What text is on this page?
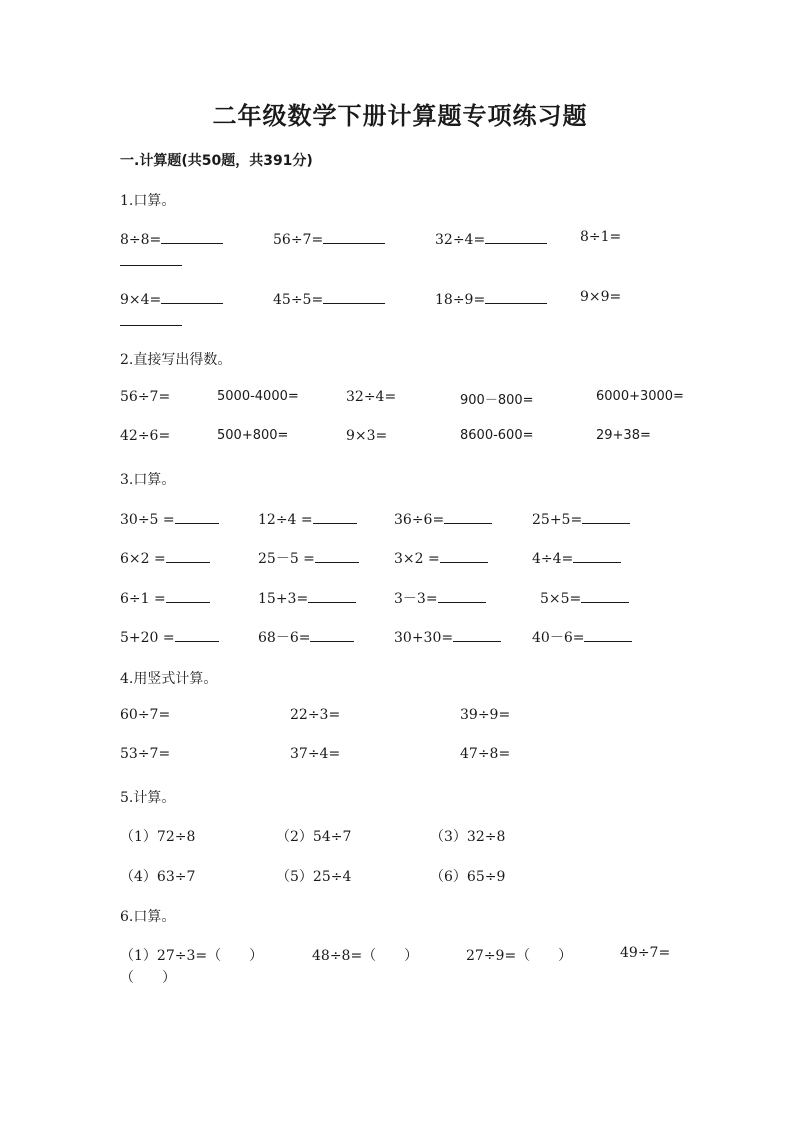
二年级数学下册计算题专项练习题
一.计算题(共50题，共391分)
1.口算。
8÷8=	56÷7=	32÷4=	8÷1=
9×4=	45÷5=	18÷9=	9×9=
2.直接写出得数。
56÷7=	5000-4000=	32÷4=	900－800=	6000+3000=
42÷6=	500+800=	9×3=	8600-600=	29+38=
3.口算。
30÷5 =	12÷4 =	36÷6=	25+5=
6×2 =	25－5 =	3×2 =	4÷4=
6÷1 =	15+3=	3－3=	5×5=
5+20 =	68－6=	30+30=	40－6=
4.用竖式计算。
60÷7=	22÷3=	39÷9=
53÷7=	37÷4=	47÷8=
5.计算。
（1）72÷8	（2）54÷7	（3）32÷8
（4）63÷7	（5）25÷4	（6）65÷9
6.口算。
（1）27÷3=（　　）	48÷8=（　　）	27÷9=（　　）	49÷7=
（　　）
